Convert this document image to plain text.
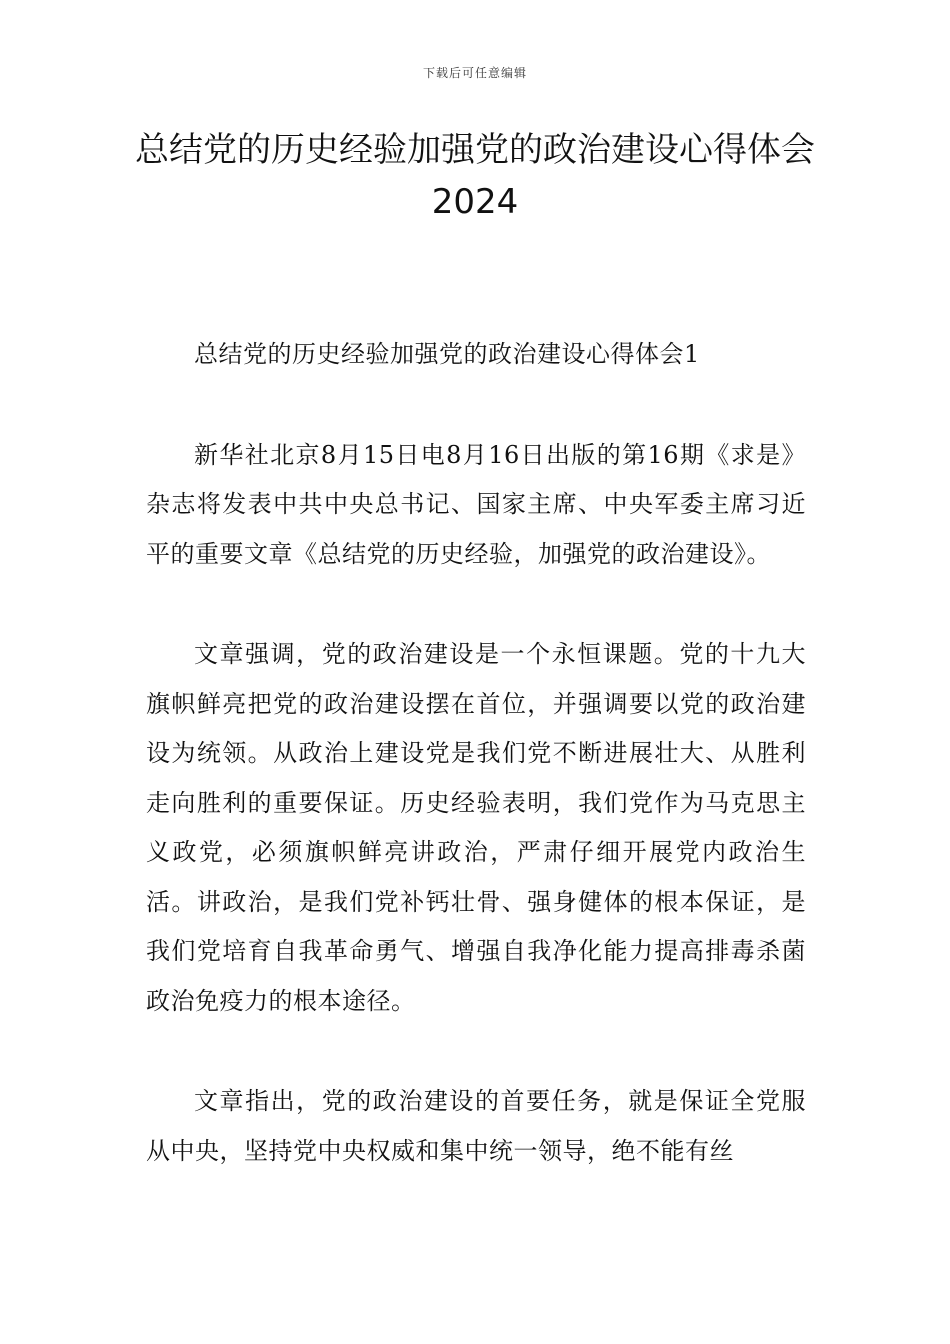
下载后可任意编辑
总结党的历史经验加强党的政治建设心得体会2024

总结党的历史经验加强党的政治建设心得体会1

新华社北京8月15日电8月16日出版的第16期《求是》杂志将发表中共中央总书记、国家主席、中央军委主席习近平的重要文章《总结党的历史经验，加强党的政治建设》。

文章强调，党的政治建设是一个永恒课题。党的十九大旗帜鲜亮把党的政治建设摆在首位，并强调要以党的政治建设为统领。从政治上建设党是我们党不断进展壮大、从胜利走向胜利的重要保证。历史经验表明，我们党作为马克思主义政党，必须旗帜鲜亮讲政治，严肃仔细开展党内政治生活。讲政治，是我们党补钙壮骨、强身健体的根本保证，是我们党培育自我革命勇气、增强自我净化能力提高排毒杀菌政治免疫力的根本途径。

文章指出，党的政治建设的首要任务，就是保证全党服从中央，坚持党中央权威和集中统一领导，绝不能有丝
